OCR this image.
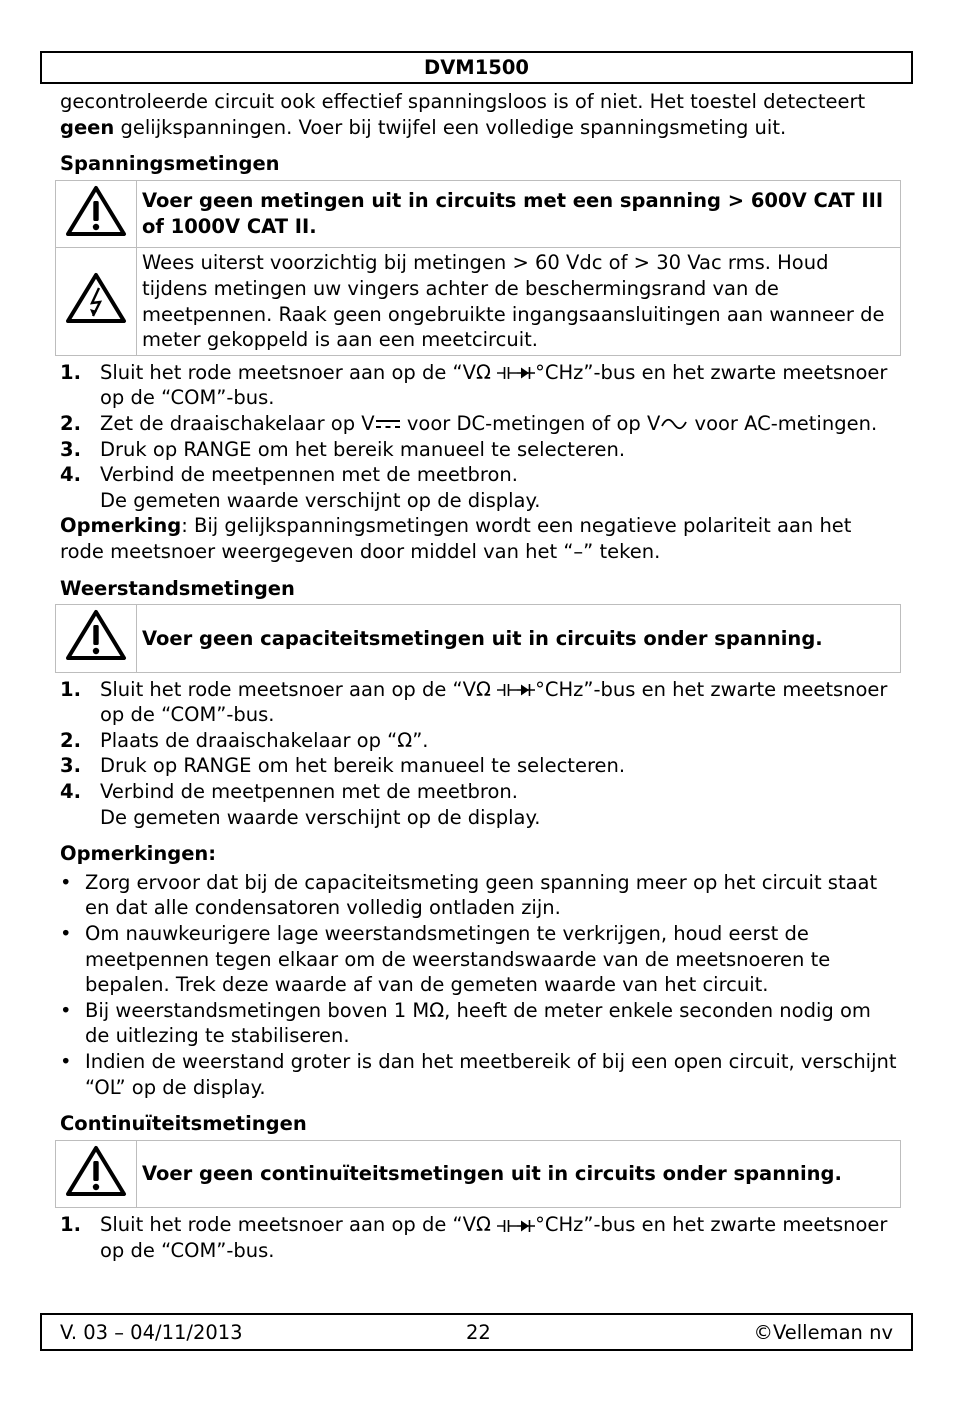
DVM1500

gecontroleerde circuit ook effectief spanningsloos is of niet. Het toestel detecteert geen gelijkspanningen. Voer bij twijfel een volledige spanningsmeting uit.

Spanningsmetingen

	Voer geen metingen uit in circuits met een spanning > 600V CAT III of 1000V CAT II.
	Wees uiterst voorzichtig bij metingen > 60 Vdc of > 30 Vac rms. Houd tijdens metingen uw vingers achter de beschermingsrand van de meetpennen. Raak geen ongebruikte ingangsaansluitingen aan wanneer de meter gekoppeld is aan een meetcircuit.
1. Sluit het rode meetsnoer aan op de “VΩ °CHz”-bus en het zwarte meetsnoer op de “COM”-bus.
2. Zet de draaischakelaar op V voor DC-metingen of op V voor AC-metingen.
3. Druk op RANGE om het bereik manueel te selecteren.
4. Verbind de meetpennen met de meetbron.
De gemeten waarde verschijnt op de display.

Opmerking: Bij gelijkspanningsmetingen wordt een negatieve polariteit aan het rode meetsnoer weergegeven door middel van het “–” teken.

Weerstandsmetingen

	Voer geen capaciteitsmetingen uit in circuits onder spanning.
1. Sluit het rode meetsnoer aan op de “VΩ °CHz”-bus en het zwarte meetsnoer op de “COM”-bus.
2. Plaats de draaischakelaar op “Ω”.
3. Druk op RANGE om het bereik manueel te selecteren.
4. Verbind de meetpennen met de meetbron.
De gemeten waarde verschijnt op de display.

Opmerkingen:

• Zorg ervoor dat bij de capaciteitsmeting geen spanning meer op het circuit staat en dat alle condensatoren volledig ontladen zijn.
• Om nauwkeurigere lage weerstandsmetingen te verkrijgen, houd eerst de meetpennen tegen elkaar om de weerstandswaarde van de meetsnoeren te bepalen. Trek deze waarde af van de gemeten waarde van het circuit.
• Bij weerstandsmetingen boven 1 MΩ, heeft de meter enkele seconden nodig om de uitlezing te stabiliseren.
• Indien de weerstand groter is dan het meetbereik of bij een open circuit, verschijnt “OL” op de display.

Continuïteitsmetingen

	Voer geen continuïteitsmetingen uit in circuits onder spanning.
1. Sluit het rode meetsnoer aan op de “VΩ °CHz”-bus en het zwarte meetsnoer op de “COM”-bus.
V. 03 – 04/11/2013	22	©Velleman nv
